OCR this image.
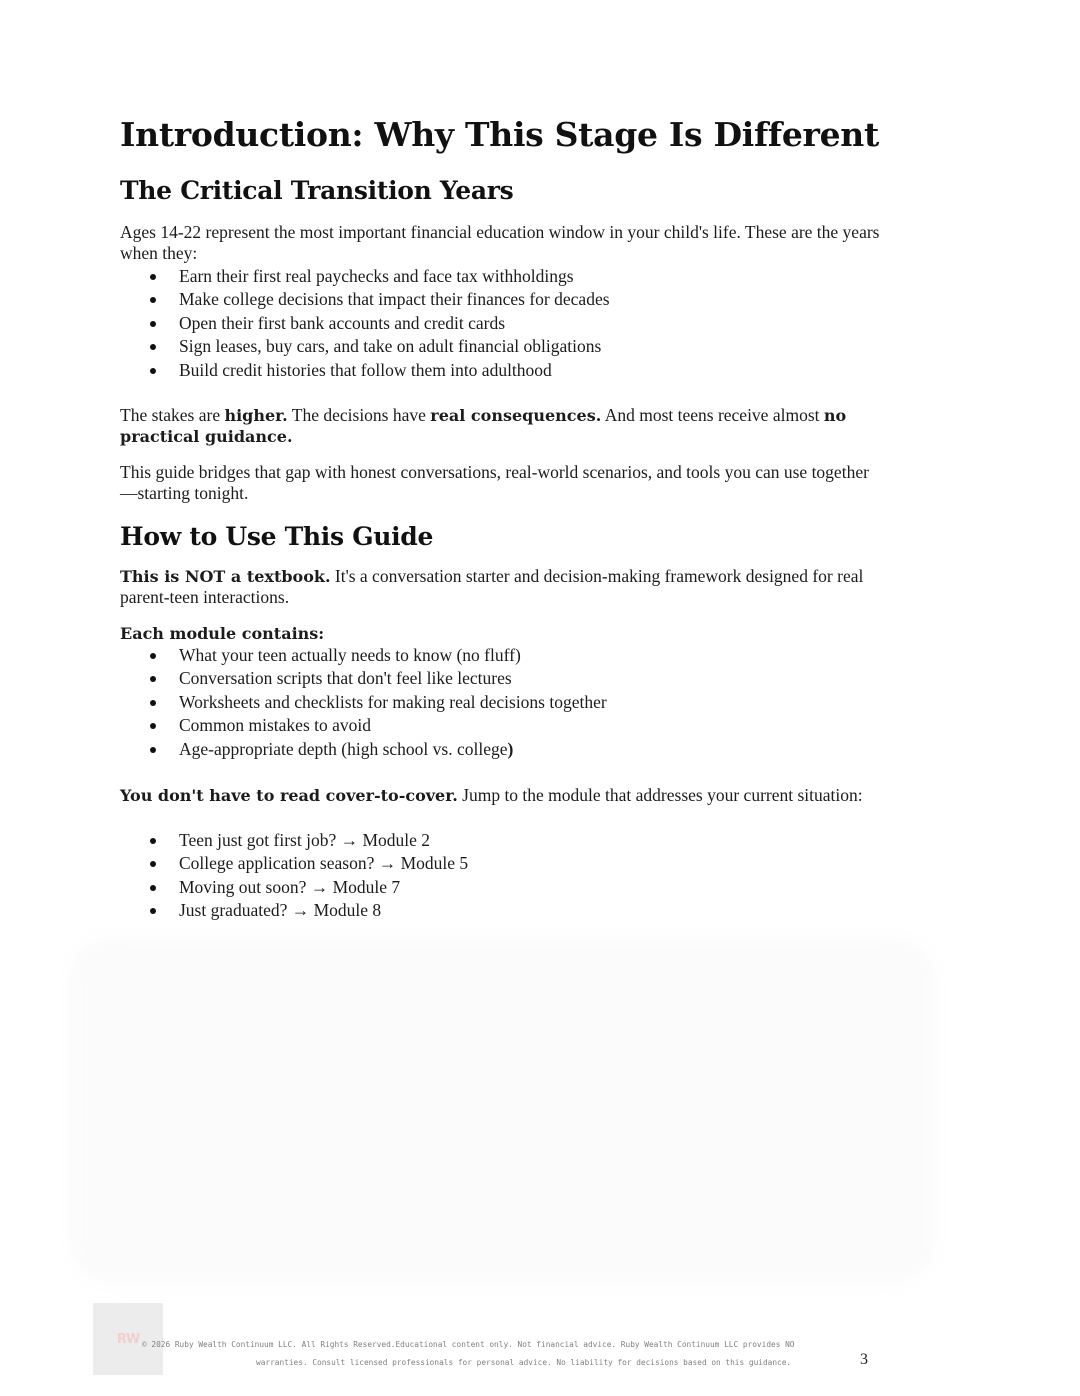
Introduction: Why This Stage Is Different
The Critical Transition Years

Ages 14-22 represent the most important financial education window in your child's life. These are the years when they:

Earn their first real paychecks and face tax withholdings
Make college decisions that impact their finances for decades
Open their first bank accounts and credit cards
Sign leases, buy cars, and take on adult financial obligations
Build credit histories that follow them into adulthood

The stakes are higher. The decisions have real consequences. And most teens receive almost no practical guidance.

This guide bridges that gap with honest conversations, real-world scenarios, and tools you can use together—starting tonight.

How to Use This Guide

This is NOT a textbook. It's a conversation starter and decision-making framework designed for real parent-teen interactions.

Each module contains:

What your teen actually needs to know (no fluff)
Conversation scripts that don't feel like lectures
Worksheets and checklists for making real decisions together
Common mistakes to avoid
Age-appropriate depth (high school vs. college)

You don't have to read cover-to-cover. Jump to the module that addresses your current situation:

Teen just got first job? → Module 2
College application season? → Module 5
Moving out soon? → Module 7
Just graduated? → Module 8
RW © 2026 Ruby Wealth Continuum LLC. All Rights Reserved.Educational content only. Not financial advice. Ruby Wealth Continuum LLC provides NO
warranties. Consult licensed professionals for personal advice. No liability for decisions based on this guidance.	3
